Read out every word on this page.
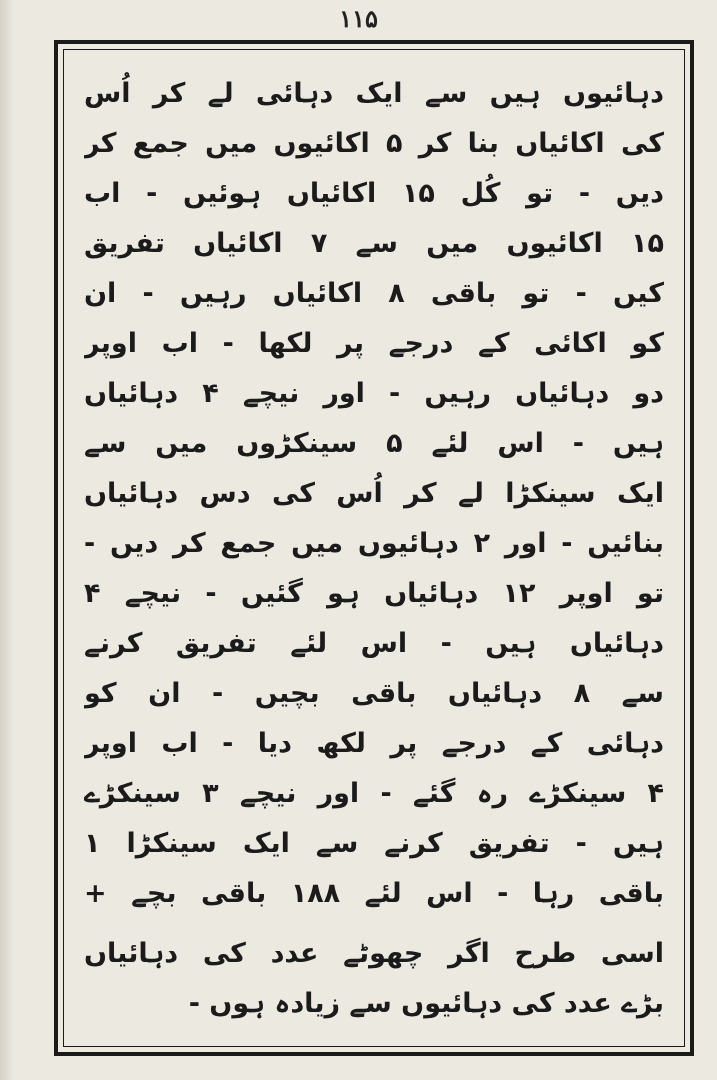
۱۱۵
دہائیوں ہیں سے ایک دہائی لے کر اُس
کی اکائیاں بنا کر ۵ اکائیوں میں جمع کر
دیں - تو کُل ۱۵ اکائیاں ہوئیں - اب
۱۵ اکائیوں میں سے ۷ اکائیاں تفریق
کیں - تو باقی ۸ اکائیاں رہیں - ان
کو اکائی کے درجے پر لکھا - اب اوپر
دو دہائیاں رہیں - اور نیچے ۴ دہائیاں
ہیں - اس لئے ۵ سینکڑوں میں سے
ایک سینکڑا لے کر اُس کی دس دہائیاں
بنائیں - اور ۲ دہائیوں میں جمع کر دیں -
تو اوپر ۱۲ دہائیاں ہو گئیں - نیچے ۴
دہائیاں ہیں - اس لئے تفریق کرنے
سے ۸ دہائیاں باقی بچیں - ان کو
دہائی کے درجے پر لکھ دیا - اب اوپر
۴ سینکڑے رہ گئے - اور نیچے ۳ سینکڑے
ہیں - تفریق کرنے سے ایک سینکڑا ۱
باقی رہا - اس لئے ۱۸۸ باقی بچے +
اسی طرح اگر چھوٹے عدد کی دہائیاں
بڑے عدد کی دہائیوں سے زیادہ ہوں -
